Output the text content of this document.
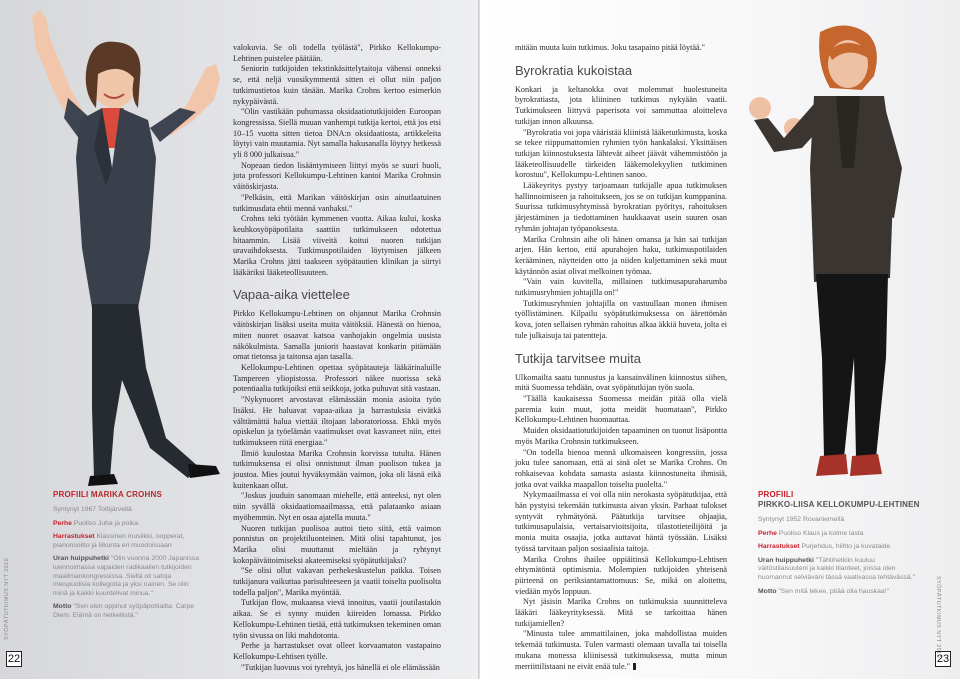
PROFIILI MARIKA CROHNS
Syntynyt 1967 Tottijärvellä
Perhe Puoliso Juha ja poika
Harrastukset Klassinen musiikki, oopperat, pianonsoitto ja liikunta eri muodoissaan
Uran huippuhetki "Olin vuonna 2000 Japanissa luennoimassa vapaiden radikaalien tutkijoiden maailmankongressissa. Siellä oli satoja miespuolisia kollegoita ja yksi nainen. Se olin minä ja kaikki kuuntelivat minua."
Motto "Sen olen oppinut syöpäpotilailta: Carpe Diem. Elämä on hetkellistä."
SYÖPÄTUTKIMUS NYT 2010
22

valokuvia. Se oli todella työlästä", Pirkko Kellokumpu-Lehtinen puistelee päätään.

Seniorin tutkijoiden tekstinkäsittelytaitoja vähensi onneksi se, että neljä vuosikymmentä sitten ei ollut niin paljon tutkimustietoa kuin tänään. Marika Crohns kertoo esimerkin nykypäivästä.

"Olin vastikään puhumassa oksidaatiotutkijoiden Euroopan kongressissa. Siellä muuan vanhempi tutkija kertoi, että jos etsi 10–15 vuotta sitten tietoa DNA:n oksidaatiosta, artikkeleita löytyi vain muutamia. Nyt samalla hakusanalla löytyy hetkessä yli 8 000 julkaisua."

Nopeaan tiedon lisääntymiseen liittyi myös se suuri huoli, jota professori Kellokumpu-Lehtinen kantoi Marika Crohnsin väitöskirjasta.

"Pelkäsin, että Marikan väitöskirjan osin ainutlaatuinen tutkimusdata ehtii mennä vanhaksi."

Crohns teki työtään kymmenen vuotta. Aikaa kului, koska keuhkosyöpäpotilaita saattiin tutkimukseen odotettua hitaammin. Lisää viiveitä koitui nuoren tutkijan uravaihdoksesta. Tutkimuspotilaiden löytymisen jälkeen Marika Crohns jätti taakseen syöpätautien klinikan ja siirtyi lääkäriksi lääketeollisuuteen.

Vapaa-aika viettelee

Pirkko Kellokumpu-Lehtinen on ohjannut Marika Crohnsin väitöskirjan lisäksi useita muita väitöksiä. Hänestä on hienoa, miten nuoret osaavat katsoa vanhojakin ongelmia uusista näkökulmista. Samalla juniorit haastavat konkarin pitämään omat tietonsa ja taitonsa ajan tasalla.

Kellokumpu-Lehtinen opettaa syöpätauteja lääkärinaluille Tampereen yliopistossa. Professori näkee nuorissa sekä potentiaalia tutkijoiksi että seikkoja, jotka puhuvat sitä vastaan.

"Nykynuoret arvostavat elämässään monia asioita työn lisäksi. He haluavat vapaa-aikaa ja harrastuksia eivätkä välttämättä halua viettää iltojaan laboratoriossa. Ehkä myös opiskelun ja työelämän vaatimukset ovat kasvaneet niin, ettei tutkimukseen riitä energiaa."

Ilmiö kuulostaa Marika Crohnsin korvissa tutulta. Hänen tutkimuksensa ei olisi onnistunut ilman puolison tukea ja joustoa. Mies joutui hyväksymään vaimon, joka oli läsnä eikä kuitenkaan ollut.

"Joskus jouduin sanomaan miehelle, että anteeksi, nyt olen niin syvällä oksidaatiomaailmassa, että palataanko asiaan myöhemmin. Nyt en osaa ajatella muuta."

Nuoren tutkijan puolisoa auttoi tieto siitä, että vaimon ponnistus on projektiluonteinen. Mitä olisi tapahtunut, jos Marika olisi muuttanut mieltään ja ryhtynyt kokopäiväitoimiseksi akateemiseksi syöpätutkijaksi?

"Se olisi ollut vakavan perhekeskustelun paikka. Toisen tutkijanura vaikuttaa parisuhteeseen ja vaatii toiselta puolisolta todella paljon", Marika myöntää.

Tutkijan flow, mukaansa vievä innoitus, vaatii joutilastakin aikaa. Se ei synny muiden kiireiden lomassa. Pirkko Kellokumpu-Lehtinen tietää, että tutkimuksen tekeminen oman työn sivussa on liki mahdotonta.

Perhe ja harrastukset ovat olleet korvaamaton vastapaino Kellokumpu-Lehtisen työlle.

"Tutkijan luovuus voi tyrehtyä, jos hänellä ei ole elämässään

mitään muuta kuin tutkimus. Joku tasapaino pitää löytää."

Byrokratia kukoistaa

Konkari ja keltanokka ovat molemmat huolestuneita byrokratiasta, jota kliininen tutkimus nykyään vaatii. Tutkimukseen liittyvä paperisota voi sammuttaa aloitteleva tutkijan innon alkuunsa.

"Byrokratia voi jopa vääristää kliinistä lääketutkimusta, koska se tekee riippumattomien ryhmien työn hankalaksi. Yksittäisen tutkijan kiinnostuksesta lähtevät aiheet jäävät vähemmistöön ja lääketeollisuudelle tärkeiden lääkemolekyylien tutkiminen korostuu", Kellokumpu-Lehtinen sanoo.

Lääkeyritys pystyy tarjoamaan tutkijalle apua tutkimuksen hallinnoimiseen ja rahoitukseen, jos se on tutkijan kumppanina. Suurissa tutkimusyhtymissä byrokratian pyöritys, rahoituksen järjestäminen ja tiedottaminen haukkaavat usein suuren osan ryhmän johtajan työpanoksesta.

Marika Crohnsin aihe oli hänen omansa ja hän sai tutkijan arjen. Hän kertoo, että apurahojen haku, tutkimuspotilaiden kerääminen, näytteiden otto ja niiden kuljettaminen sekä muut käytännön asiat olivat melkoinen työmaa.

"Vain vain kuvitella, millainen tutkimusapuraharumba tutkimusryhmien johtajilla on!"

Tutkimusryhmien johtajilla on vastuullaan monen ihmisen työllistäminen. Kilpailu syöpätutkimuksessa on äärettömän kova, joten sellaisen ryhmän rahoitus alkaa äkkiä huveta, jolta ei tule julkaisuja tai patentteja.

Tutkija tarvitsee muita

Ulkomailta saatu tunnustus ja kansainvälinen kiinnostus siihen, mitä Suomessa tehdään, ovat syöpätutkijan työn suola.

"Täällä kaukaisessa Suomessa meidän pitää olla vielä paremia kuin muut, jotta meidät huomataan", Pirkko Kellokumpu-Lehtinen huomauttaa.

Muiden oksidaatiotutkijoiden tapaaminen on tuonut lisäpontta myös Marika Crohnsin tutkimukseen.

"On todella hienoa mennä ulkomaiseen kongressiin, jossa joku tulee sanomaan, että ai sinä olet se Marika Crohns. On rohkaisevaa kohdata samasta asiasta kiinnostuneita ihmisiä, jotka ovat vaikka maapallon toiselta puolelta."

Nykymaailmassa ei voi olla niin nerokasta syöpätutkijaa, että hän pystyisi tekemään tutkimusta aivan yksin. Parhaat tulokset syntyvät ryhmätyönä. Päätutkija tarvitsee ohjaajia, tutkimusapulaisia, vertaisarvioitsijoita, tilastotieteilijöitä ja monia muita osaajia, jotka auttavat häntä työssään. Lisäksi työssä tarvitaan paljon sosiaalisia taitoja.

Marika Crohns ihailee oppiäitinsä Kellokumpu-Lehtisen ehtymätöntä optimismia. Molempien tutkijoiden yhteisenä piirteenä on periksiantamattomuus: Se, mikä on aloitettu, viedään myös loppuun.

Nyt jäsisin Marika Crohns on tutkimuksia suunnitteleva lääkäri lääkeyrityksessä. Mitä se tarkoittaa hänen tutkijamiellen?

"Minusta tulee ammattilainen, joka mahdollistaa muiden tekemää tutkimusta. Tulen varmasti olemaan tavalla tai toisella mukana monessa kliinisessä tutkimuksessa, mutta minun merriittilistaani ne eivät enää tule."

PROFIILI
PIRKKO-LIISA KELLOKUMPU-LEHTINEN
Syntynyt 1952 Rovaniemellä
Perhe Puoliso Klaus ja kolme lasta
Harrastukset Purjehdus, hiihto ja kuvataide
Uran huippuhetki "Tähtihetkiin kuuluu väitöstilaisuuteni ja kaikki tilanteet, joissa olen huomannut selviäväni tässä vaativassa tehtävässä."
Motto "Sen mitä tekee, pitää olla hauskaa!"
23
SYÖPÄTUTKIMUS NYT 2010
